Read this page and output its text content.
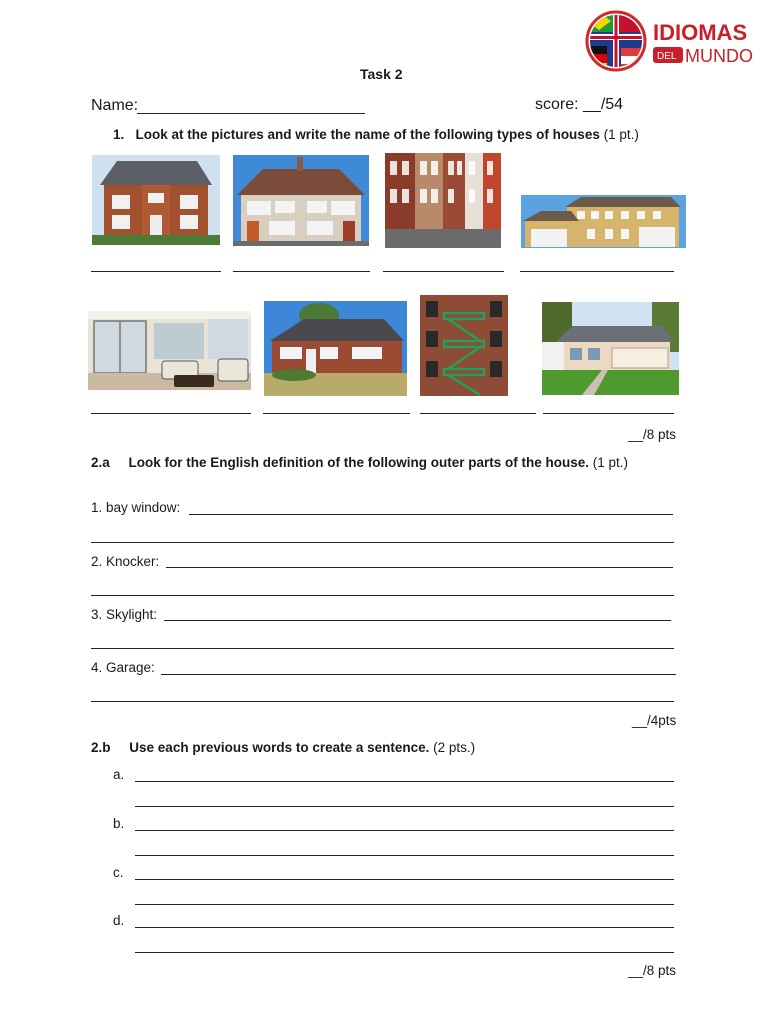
IDIOMAS
DEL MUNDO
Task 2
Name:	score: __/54
1. Look at the pictures and write the name of the following types of houses (1 pt.)
__/8 pts
2.a Look for the English definition of the following outer parts of the house. (1 pt.)
1. bay window:
2. Knocker:
3. Skylight:
4. Garage:
__/4pts
2.b Use each previous words to create a sentence. (2 pts.)
a.
b.
c.
d.
__/8 pts
